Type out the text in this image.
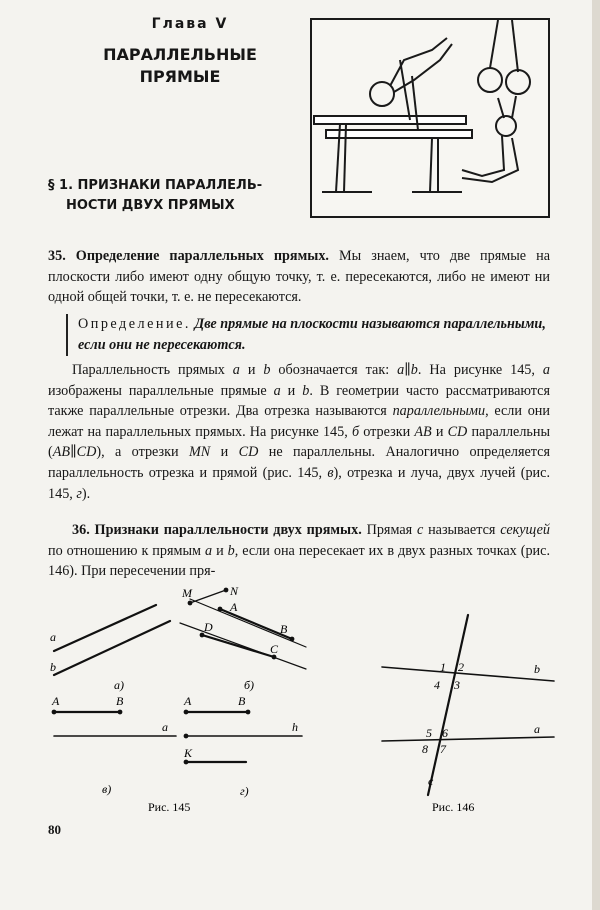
Глава V
ПАРАЛЛЕЛЬНЫЕ
ПРЯМЫЕ
§ 1. ПРИЗНАКИ ПАРАЛЛЕЛЬ-
НОСТИ ДВУХ ПРЯМЫХ

35. Определение параллельных прямых. Мы знаем, что две прямые на плоскости либо имеют одну общую точку, т. е. пересекаются, либо не имеют ни одной общей точки, т. е. не пересекаются.

Определение. Две прямые на плоскости называются параллельными, если они не пересекаются.

Параллельность прямых a и b обозначается так: a∥b. На рисунке 145, а изображены параллельные прямые a и b. В геометрии часто рассматриваются также параллельные отрезки. Два отрезка называются параллельными, если они лежат на параллельных прямых. На рисунке 145, б отрезки AB и CD параллельны (AB∥CD), а отрезки MN и CD не параллельны. Аналогично определяется параллельность отрезка и прямой (рис. 145, в), отрезка и луча, двух лучей (рис. 145, г).

36. Признаки параллельности двух прямых. Прямая c называется секущей по отношению к прямым a и b, если она пересекает их в двух разных точках (рис. 146). При пересечении пря-

a
b
а)	б)
M	N
A
B
D
C
A	B
a
в)
A	B
h
K
г)
b
a
c
1 2
4 3
5 6
8 7
Рис. 145	Рис. 146
80
